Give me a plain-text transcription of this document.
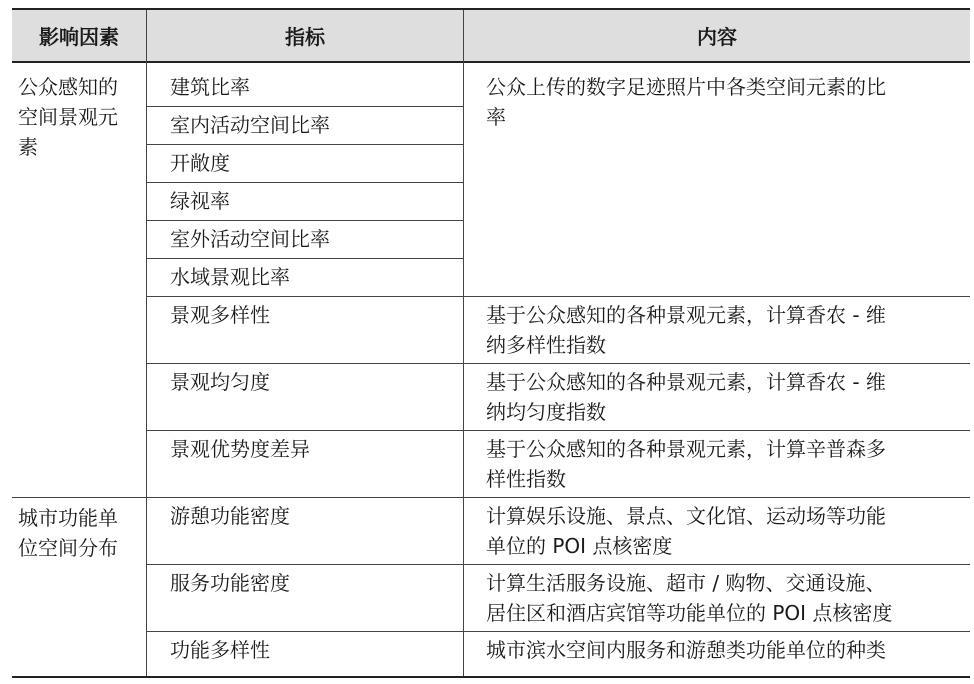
影响因素	指标	内容
公众感知的
空间景观元
素
城市功能单
位空间分布
建筑比率
室内活动空间比率
开敞度
绿视率
室外活动空间比率
水域景观比率
景观多样性
景观均匀度
景观优势度差异
游憩功能密度
服务功能密度
功能多样性
公众上传的数字足迹照片中各类空间元素的比
率
基于公众感知的各种景观元素，计算香农 - 维
纳多样性指数
基于公众感知的各种景观元素，计算香农 - 维
纳均匀度指数
基于公众感知的各种景观元素，计算辛普森多
样性指数
计算娱乐设施、景点、文化馆、运动场等功能
单位的 POI 点核密度
计算生活服务设施、超市 / 购物、交通设施、
居住区和酒店宾馆等功能单位的 POI 点核密度
城市滨水空间内服务和游憩类功能单位的种类
